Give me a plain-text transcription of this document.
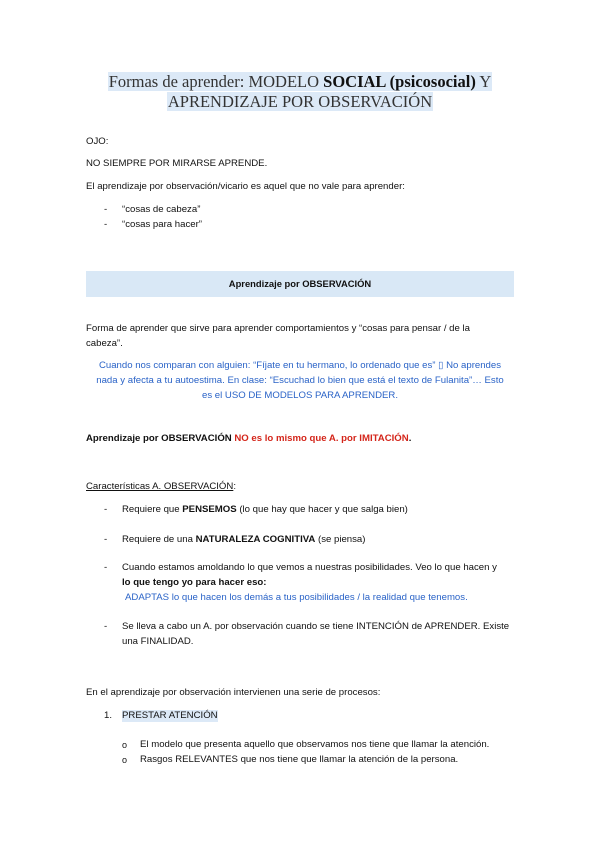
Formas de aprender: MODELO SOCIAL (psicosocial) Y
APRENDIZAJE POR OBSERVACIÓN
OJO:
NO SIEMPRE POR MIRARSE APRENDE.
El aprendizaje por observación/vicario es aquel que no vale para aprender:
- “cosas de cabeza”
- “cosas para hacer”
Aprendizaje por OBSERVACIÓN
Forma de aprender que sirve para aprender comportamientos y “cosas para pensar / de la
cabeza”.
Cuando nos comparan con alguien: “Fíjate en tu hermano, lo ordenado que es” ▯ No aprendes
nada y afecta a tu autoestima. En clase: “Escuchad lo bien que está el texto de Fulanita”… Esto
es el USO DE MODELOS PARA APRENDER.
Aprendizaje por OBSERVACIÓN NO es lo mismo que A. por IMITACIÓN.
Características A. OBSERVACIÓN:
- Requiere que PENSEMOS (lo que hay que hacer y que salga bien)
- Requiere de una NATURALEZA COGNITIVA (se piensa)
- Cuando estamos amoldando lo que vemos a nuestras posibilidades. Veo lo que hacen y
lo que tengo yo para hacer eso:
ADAPTAS lo que hacen los demás a tus posibilidades / la realidad que tenemos.
- Se lleva a cabo un A. por observación cuando se tiene INTENCIÓN de APRENDER. Existe
una FINALIDAD.
En el aprendizaje por observación intervienen una serie de procesos:
1. PRESTAR ATENCIÓN
o El modelo que presenta aquello que observamos nos tiene que llamar la atención.
o Rasgos RELEVANTES que nos tiene que llamar la atención de la persona.
